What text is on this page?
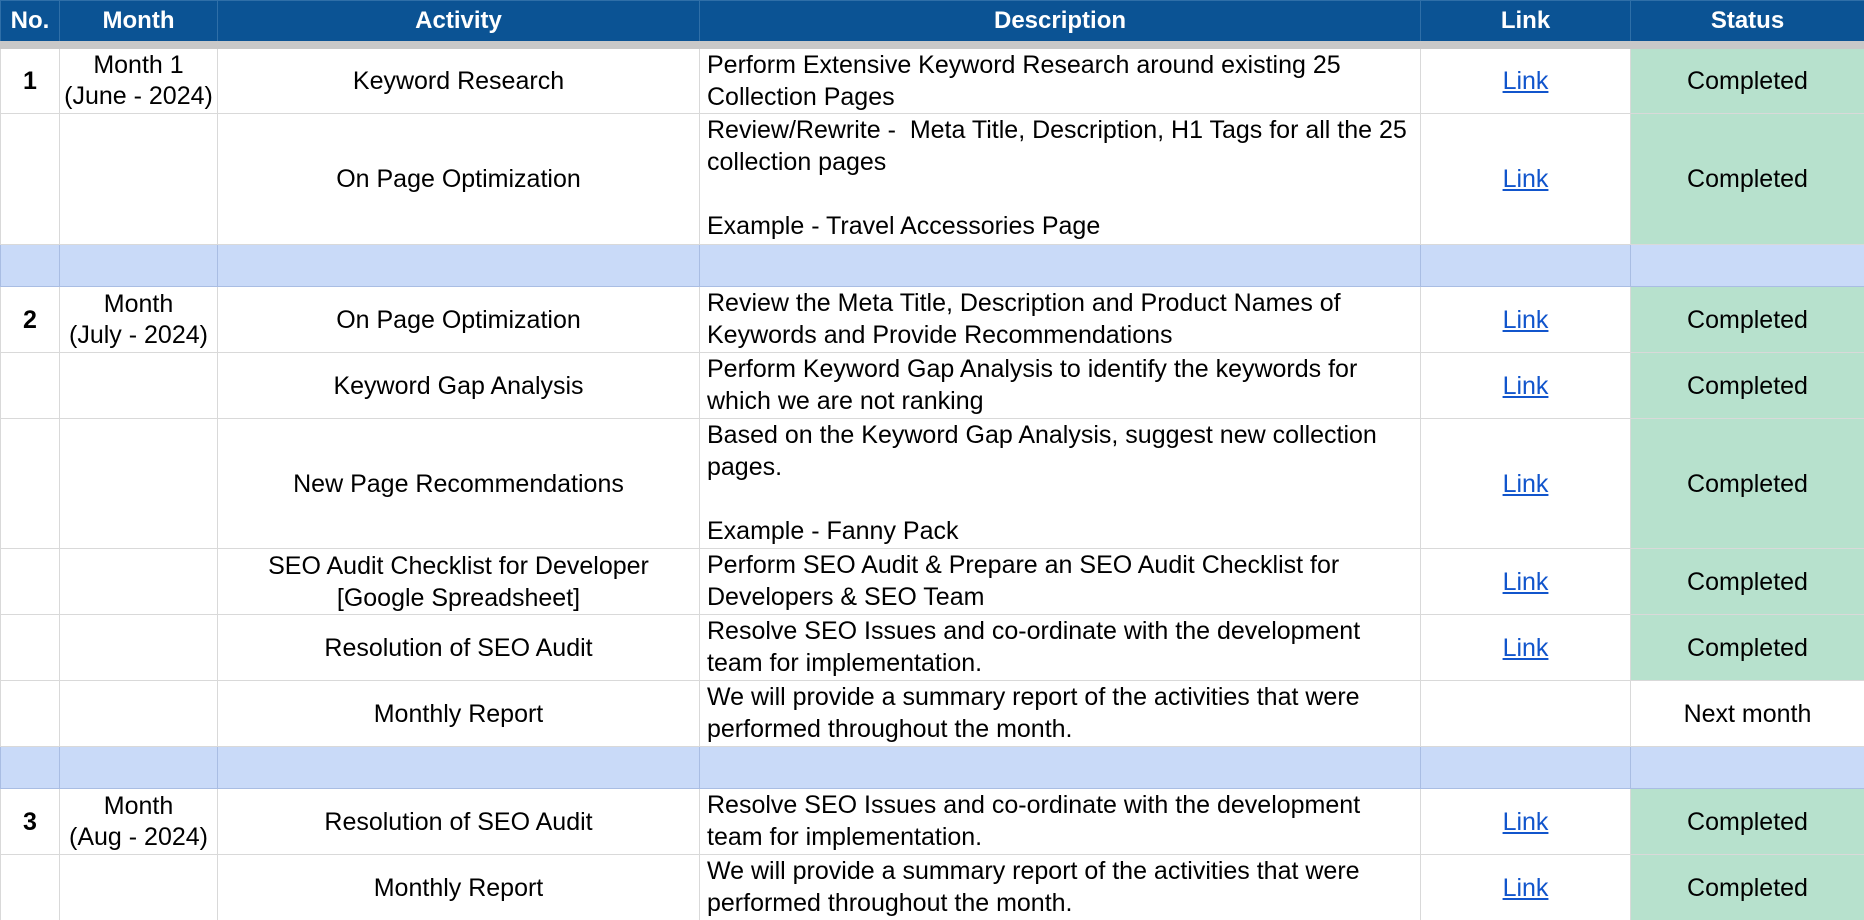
No.	Month	Activity	Description	Link	Status
1	Month 1
(June - 2024)	Keyword Research	Perform Extensive Keyword Research around existing 25 Collection Pages	Link	Completed
		On Page Optimization	Review/Rewrite -  Meta Title, Description, H1 Tags for all the 25 collection pages

Example - Travel Accessories Page	Link	Completed

2	Month
(July - 2024)	On Page Optimization	Review the Meta Title, Description and Product Names of Keywords and Provide Recommendations	Link	Completed
		Keyword Gap Analysis	Perform Keyword Gap Analysis to identify the keywords for which we are not ranking	Link	Completed
		New Page Recommendations	Based on the Keyword Gap Analysis, suggest new collection pages.

Example - Fanny Pack	Link	Completed
		SEO Audit Checklist for Developer [Google Spreadsheet]	Perform SEO Audit & Prepare an SEO Audit Checklist for Developers & SEO Team	Link	Completed
		Resolution of SEO Audit	Resolve SEO Issues and co-ordinate with the development team for implementation.	Link	Completed
		Monthly Report	We will provide a summary report of the activities that were performed throughout the month.		Next month

3	Month
(Aug - 2024)	Resolution of SEO Audit	Resolve SEO Issues and co-ordinate with the development team for implementation.	Link	Completed
		Monthly Report	We will provide a summary report of the activities that were performed throughout the month.	Link	Completed
